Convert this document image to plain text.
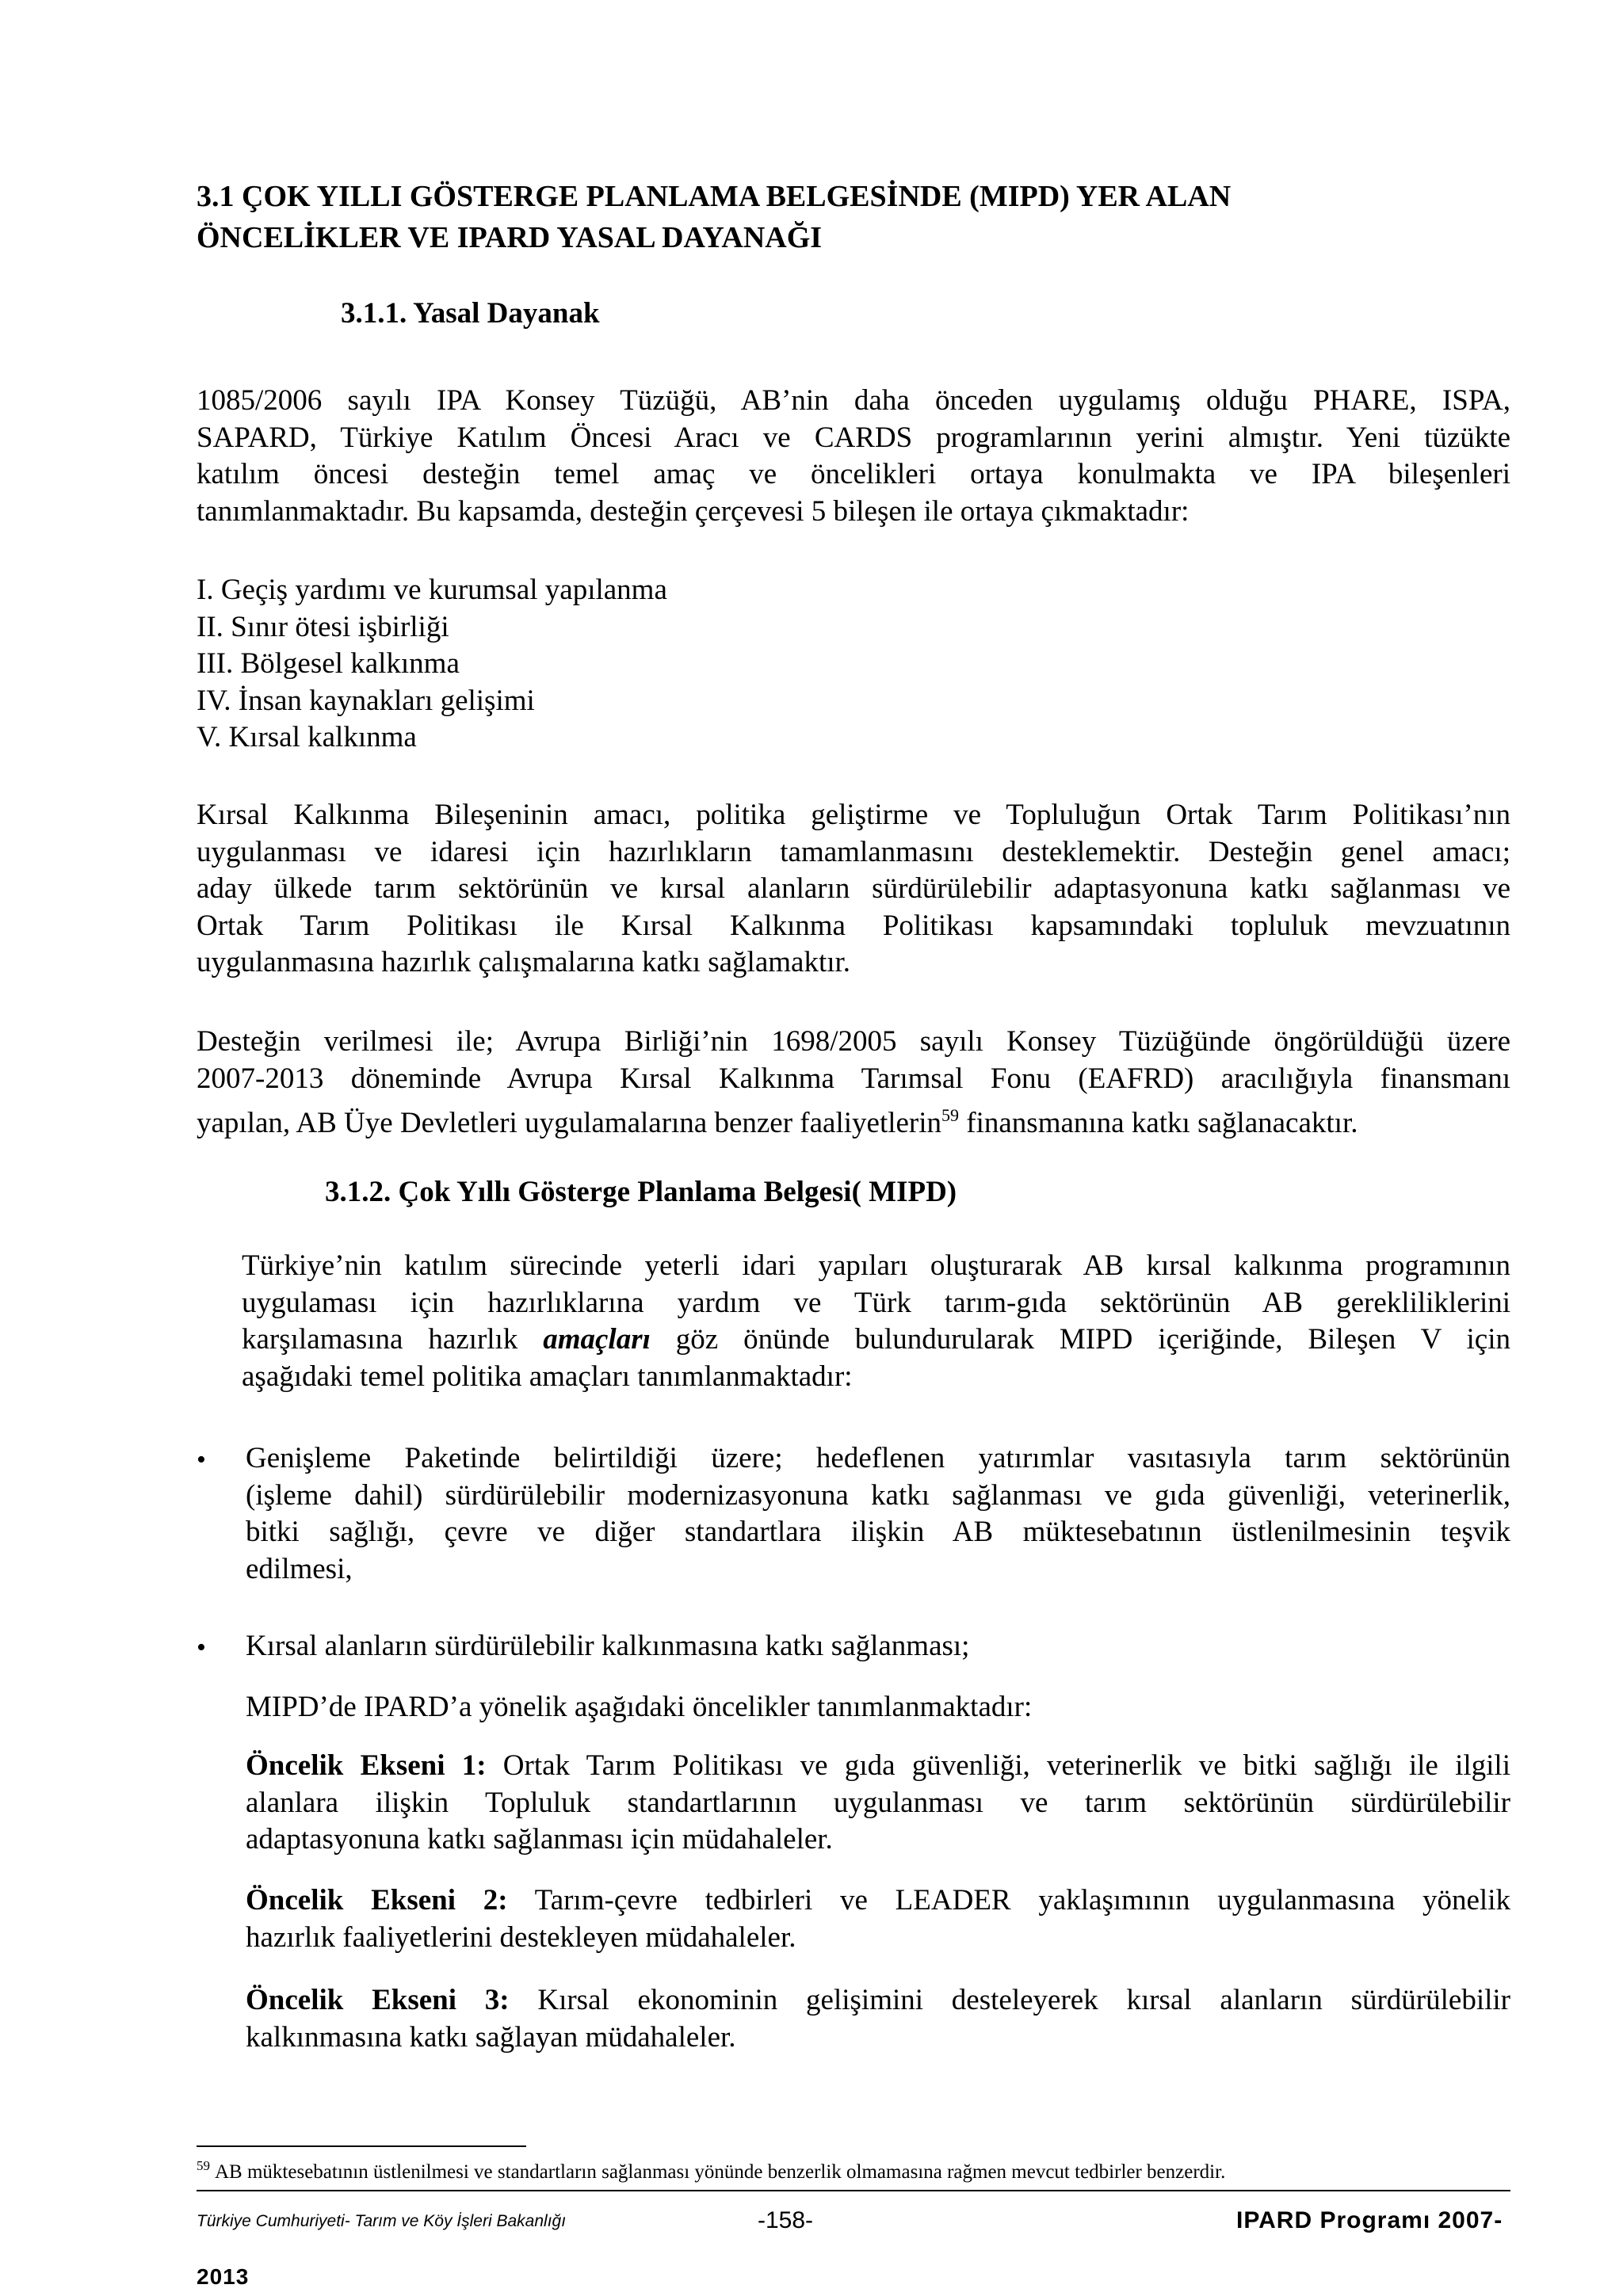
3.1 ÇOK YILLI GÖSTERGE PLANLAMA BELGESİNDE (MIPD) YER ALAN
ÖNCELİKLER VE IPARD YASAL DAYANAĞI
3.1.1. Yasal Dayanak
1085/2006 sayılı IPA Konsey Tüzüğü, AB’nin daha önceden uygulamış olduğu PHARE, ISPA,
SAPARD, Türkiye Katılım Öncesi Aracı ve CARDS programlarının yerini almıştır. Yeni tüzükte
katılım öncesi desteğin temel amaç ve öncelikleri ortaya konulmakta ve IPA bileşenleri
tanımlanmaktadır. Bu kapsamda, desteğin çerçevesi 5 bileşen ile ortaya çıkmaktadır:
I. Geçiş yardımı ve kurumsal yapılanma
II. Sınır ötesi işbirliği
III. Bölgesel kalkınma
IV. İnsan kaynakları gelişimi
V. Kırsal kalkınma
Kırsal Kalkınma Bileşeninin amacı, politika geliştirme ve Topluluğun Ortak Tarım Politikası’nın
uygulanması ve idaresi için hazırlıkların tamamlanmasını desteklemektir. Desteğin genel amacı;
aday ülkede tarım sektörünün ve kırsal alanların sürdürülebilir adaptasyonuna katkı sağlanması ve
Ortak Tarım Politikası ile Kırsal Kalkınma Politikası kapsamındaki topluluk mevzuatının
uygulanmasına hazırlık çalışmalarına katkı sağlamaktır.
Desteğin verilmesi ile; Avrupa Birliği’nin 1698/2005 sayılı Konsey Tüzüğünde öngörüldüğü üzere
2007-2013 döneminde Avrupa Kırsal Kalkınma Tarımsal Fonu (EAFRD) aracılığıyla finansmanı
yapılan, AB Üye Devletleri uygulamalarına benzer faaliyetlerin$^{59}$ finansmanına katkı sağlanacaktır.
3.1.2. Çok Yıllı Gösterge Planlama Belgesi( MIPD)
Türkiye’nin katılım sürecinde yeterli idari yapıları oluşturarak AB kırsal kalkınma programının
uygulaması için hazırlıklarına yardım ve Türk tarım-gıda sektörünün AB gerekliliklerini
karşılamasına hazırlık amaçları göz önünde bulundurularak MIPD içeriğinde, Bileşen V için
aşağıdaki temel politika amaçları tanımlanmaktadır:
• Genişleme Paketinde belirtildiği üzere; hedeflenen yatırımlar vasıtasıyla tarım sektörünün
(işleme dahil) sürdürülebilir modernizasyonuna katkı sağlanması ve gıda güvenliği, veterinerlik,
bitki sağlığı, çevre ve diğer standartlara ilişkin AB müktesebatının üstlenilmesinin teşvik
edilmesi,
• Kırsal alanların sürdürülebilir kalkınmasına katkı sağlanması;
MIPD’de IPARD’a yönelik aşağıdaki öncelikler tanımlanmaktadır:
Öncelik Ekseni 1: Ortak Tarım Politikası ve gıda güvenliği, veterinerlik ve bitki sağlığı ile ilgili
alanlara ilişkin Topluluk standartlarının uygulanması ve tarım sektörünün sürdürülebilir
adaptasyonuna katkı sağlanması için müdahaleler.
Öncelik Ekseni 2: Tarım-çevre tedbirleri ve LEADER yaklaşımının uygulanmasına yönelik
hazırlık faaliyetlerini destekleyen müdahaleler.
Öncelik Ekseni 3: Kırsal ekonominin gelişimini desteleyerek kırsal alanların sürdürülebilir
kalkınmasına katkı sağlayan müdahaleler.
$^{59}$ AB müktesebatının üstlenilmesi ve standartların sağlanması yönünde benzerlik olmamasına rağmen mevcut tedbirler benzerdir.
Türkiye Cumhuriyeti- Tarım ve Köy İşleri Bakanlığı	-158-	IPARD Programı 2007-
2013
